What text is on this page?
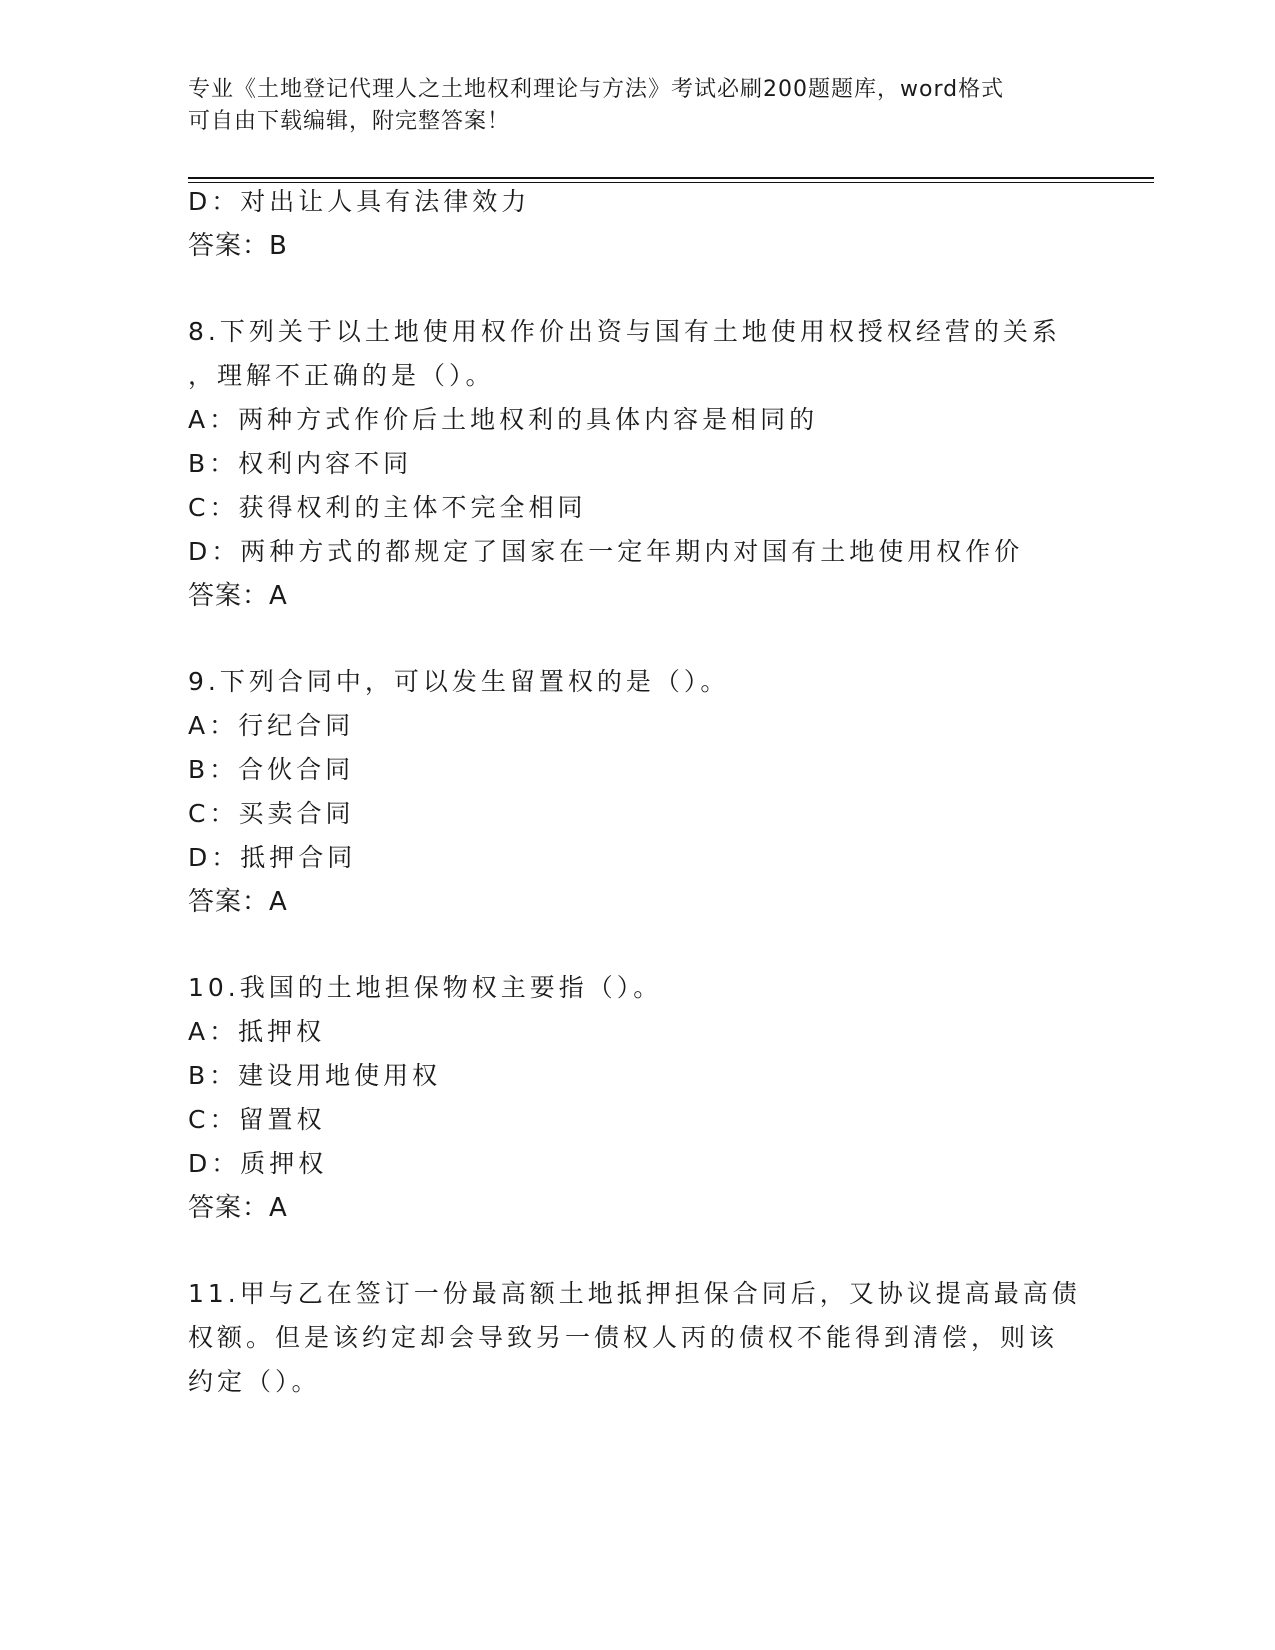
专业《土地登记代理人之土地权利理论与方法》考试必刷200题题库，word格式
可自由下载编辑，附完整答案！
D：对出让人具有法律效力
答案：B
8.下列关于以土地使用权作价出资与国有土地使用权授权经营的关系
，理解不正确的是（）。
A：两种方式作价后土地权利的具体内容是相同的
B：权利内容不同
C：获得权利的主体不完全相同
D：两种方式的都规定了国家在一定年期内对国有土地使用权作价
答案：A
9.下列合同中，可以发生留置权的是（）。
A：行纪合同
B：合伙合同
C：买卖合同
D：抵押合同
答案：A
10.我国的土地担保物权主要指（）。
A：抵押权
B：建设用地使用权
C：留置权
D：质押权
答案：A
11.甲与乙在签订一份最高额土地抵押担保合同后，又协议提高最高债
权额。但是该约定却会导致另一债权人丙的债权不能得到清偿，则该
约定（）。
